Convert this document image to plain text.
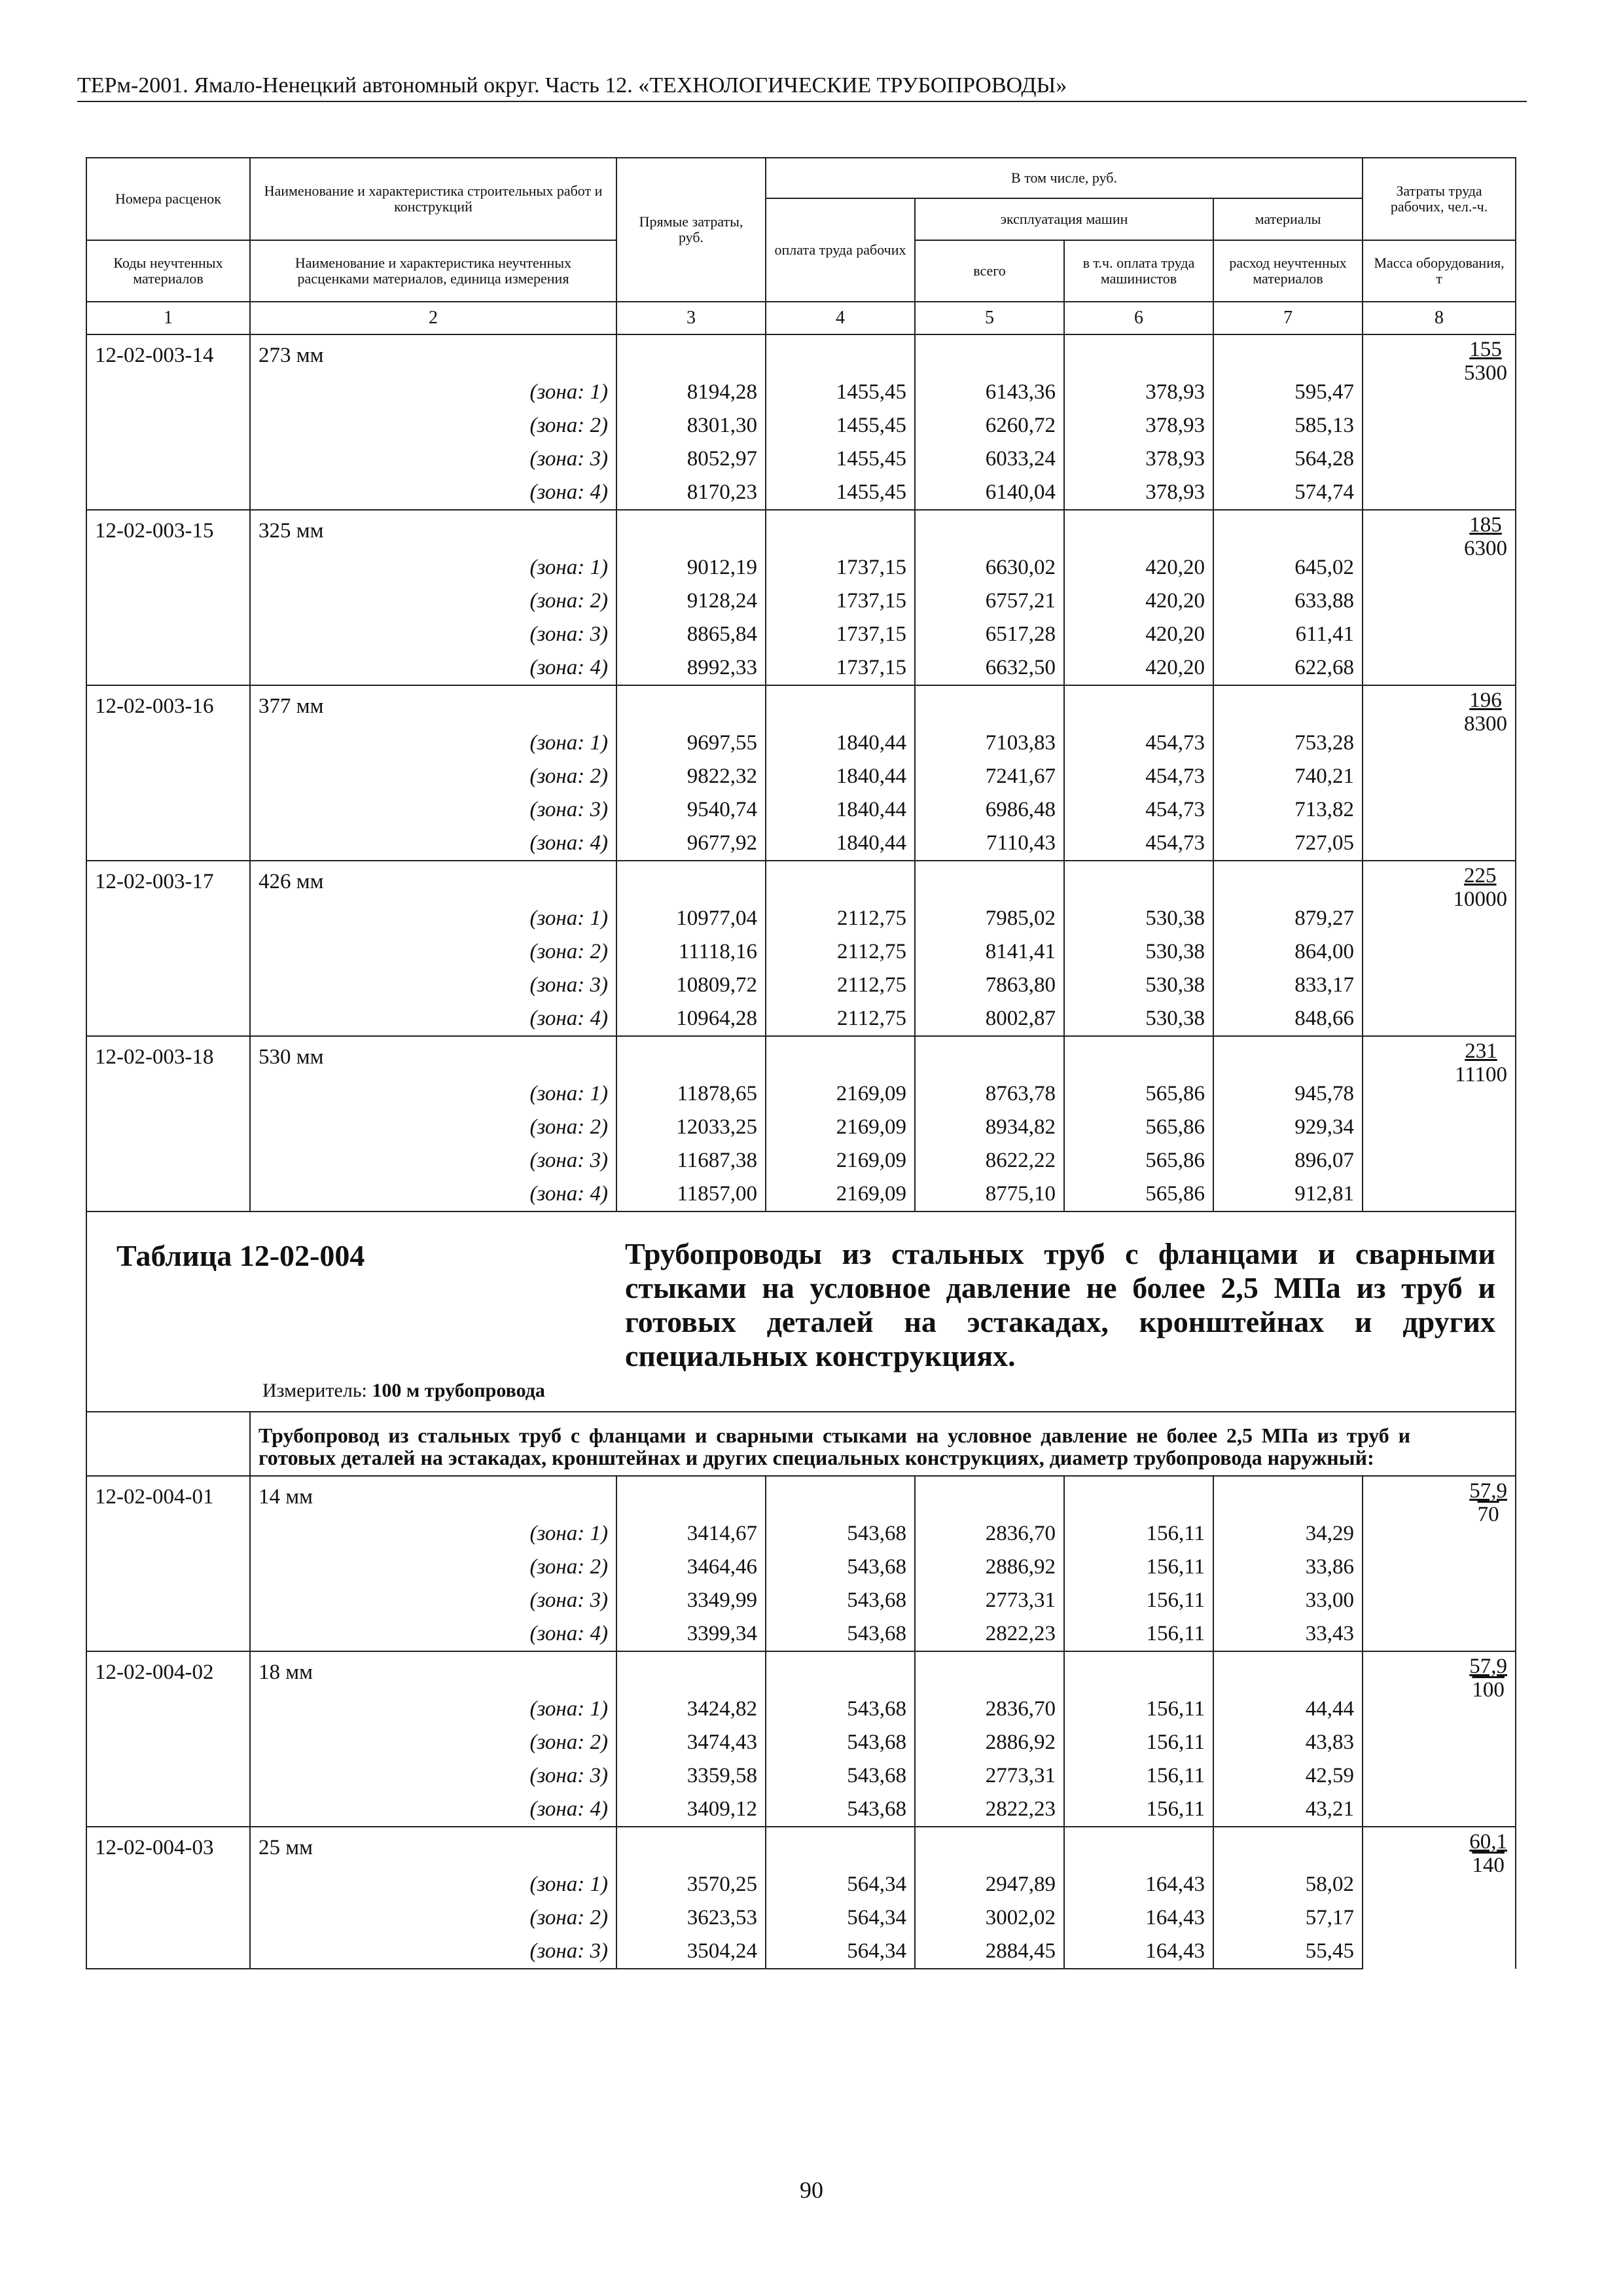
ТЕРм-2001. Ямало-Ненецкий автономный округ. Часть 12. «ТЕХНОЛОГИЧЕСКИЕ ТРУБОПРОВОДЫ»
Номера расценок	Наименование и характеристика строительных работ и конструкций	Прямые затраты, руб.	В том числе, руб.				Затраты труда рабочих, чел.-ч.
			оплата труда рабочих	эксплуатация машин		материалы	
Коды неучтенных материалов	Наименование и характеристика неучтенных расценками материалов, единица измерения			всего	в т.ч. оплата труда машинистов	расход неучтенных материалов	Масса оборудования, т
1	2	3	4	5	6	7	8
12-02-003-14	273 мм						$\frac{155}{5300}$

	(зона: 1)	8194,28	1455,45	6143,36	378,93	595,47	
	(зона: 2)	8301,30	1455,45	6260,72	378,93	585,13	
	(зона: 3)	8052,97	1455,45	6033,24	378,93	564,28	
	(зона: 4)	8170,23	1455,45	6140,04	378,93	574,74	
12-02-003-15	325 мм						$\frac{185}{6300}$

	(зона: 1)	9012,19	1737,15	6630,02	420,20	645,02	
	(зона: 2)	9128,24	1737,15	6757,21	420,20	633,88	
	(зона: 3)	8865,84	1737,15	6517,28	420,20	611,41	
	(зона: 4)	8992,33	1737,15	6632,50	420,20	622,68	
12-02-003-16	377 мм						$\frac{196}{8300}$

	(зона: 1)	9697,55	1840,44	7103,83	454,73	753,28	
	(зона: 2)	9822,32	1840,44	7241,67	454,73	740,21	
	(зона: 3)	9540,74	1840,44	6986,48	454,73	713,82	
	(зона: 4)	9677,92	1840,44	7110,43	454,73	727,05	
12-02-003-17	426 мм						$\frac{225}{10000}$

	(зона: 1)	10977,04	2112,75	7985,02	530,38	879,27	
	(зона: 2)	11118,16	2112,75	8141,41	530,38	864,00	
	(зона: 3)	10809,72	2112,75	7863,80	530,38	833,17	
	(зона: 4)	10964,28	2112,75	8002,87	530,38	848,66	
12-02-003-18	530 мм						$\frac{231}{11100}$

	(зона: 1)	11878,65	2169,09	8763,78	565,86	945,78	
	(зона: 2)	12033,25	2169,09	8934,82	565,86	929,34	
	(зона: 3)	11687,38	2169,09	8622,22	565,86	896,07	
	(зона: 4)	11857,00	2169,09	8775,10	565,86	912,81	

Таблица 12-02-004 Трубопроводы из стальных труб с фланцами и сварными стыками на условное давление не более 2,5 МПа из труб и готовых деталей на эстакадах, кронштейнах и других специальных конструкциях.
Измеритель: 100 м трубопровода							

	Трубопровод из стальных труб с фланцами и сварными стыками на условное давление не более 2,5 МПа из труб и готовых деталей на эстакадах, кронштейнах и других специальных конструкциях, диаметр трубопровода наружный:						
12-02-004-01	14 мм						$\frac{57,9}{70}$

	(зона: 1)	3414,67	543,68	2836,70	156,11	34,29	
	(зона: 2)	3464,46	543,68	2886,92	156,11	33,86	
	(зона: 3)	3349,99	543,68	2773,31	156,11	33,00	
	(зона: 4)	3399,34	543,68	2822,23	156,11	33,43	
12-02-004-02	18 мм						$\frac{57,9}{100}$

	(зона: 1)	3424,82	543,68	2836,70	156,11	44,44	
	(зона: 2)	3474,43	543,68	2886,92	156,11	43,83	
	(зона: 3)	3359,58	543,68	2773,31	156,11	42,59	
	(зона: 4)	3409,12	543,68	2822,23	156,11	43,21	
12-02-004-03	25 мм						$\frac{60,1}{140}$

	(зона: 1)	3570,25	564,34	2947,89	164,43	58,02	
	(зона: 2)	3623,53	564,34	3002,02	164,43	57,17	
	(зона: 3)	3504,24	564,34	2884,45	164,43	55,45	
90
